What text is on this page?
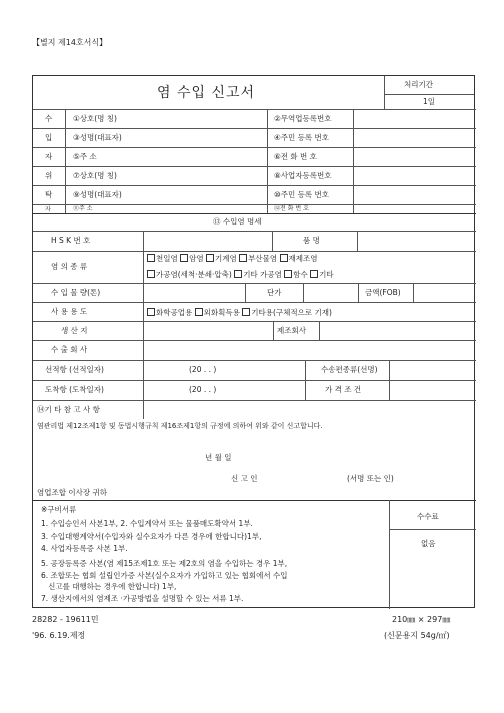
【별지 제14호서식】
염 수입 신고서
처리기간
1일
수
입
자
①상호(명 칭)	②무역업등록번호
③성명(대표자)	④주민 등록 번호
⑤주 소	⑥전 화 번 호
위
탁
자
⑦상호(명 칭)	⑧사업자등록번호
⑨성명(대표자)	⑩주민 등록 번호
⑪주 소	⑫전 화 번 호
⑬ 수입염 명세
H S K 번 호	품 명
염 의 종 류
천일염 암염 기계염 부산물염 재제조염
가공염(세척·분쇄·압축) 기타 가공염 함수 기타
수 입 물 량(톤)	단가	금액(FOB)
사 용 용 도	화학공업용 외화획득용 기타용(구체적으로 기재)
생 산 지	제조회사
수 출 회 사
선적항 (선적일자)	(20 . . )	수송편종류(선명)
도착항 (도착일자)	(20 . . )	가 격 조 건
⑭기 타 참 고 사 항
염관리법 제12조제1항 및 동법시행규칙 제16조제1항의 규정에 의하여 위와 같이 신고합니다.
년 월 일
신 고 인	(서명 또는 인)
염업조합 이사장 귀하
※구비서류
1. 수입승인서 사본1부, 2. 수입계약서 또는 물품매도확약서 1부.
3. 수입대행계약서(수입자와 실수요자가 다른 경우에 한합니다)1부,
4. 사업자등록증 사본 1부.
5. 공장등록증 사본(염 제15조제1호 또는 제2호의 염을 수입하는 경우 1부,
6. 조합또는 협회 설립인가증 사본(실수요자가 가입하고 있는 협회에서 수입
신고를 대행하는 경우에 한합니다) 1부,
7. 생산지에서의 염제조 ·가공방법을 설명할 수 있는 서류 1부.
수수료
없음
28282 - 19611민	210㎜ × 297㎜
'96. 6.19.제정	(신문용지 54g/㎡)
